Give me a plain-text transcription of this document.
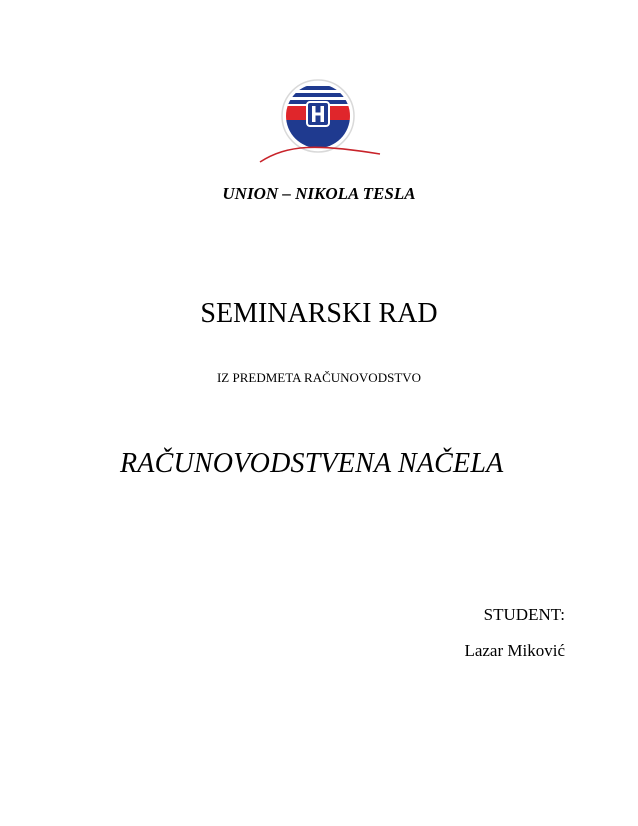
UNION – NIKOLA TESLA
SEMINARSKI RAD
IZ PREDMETA RAČUNOVODSTVO
RAČUNOVODSTVENA NAČELA
STUDENT:
Lazar Miković
